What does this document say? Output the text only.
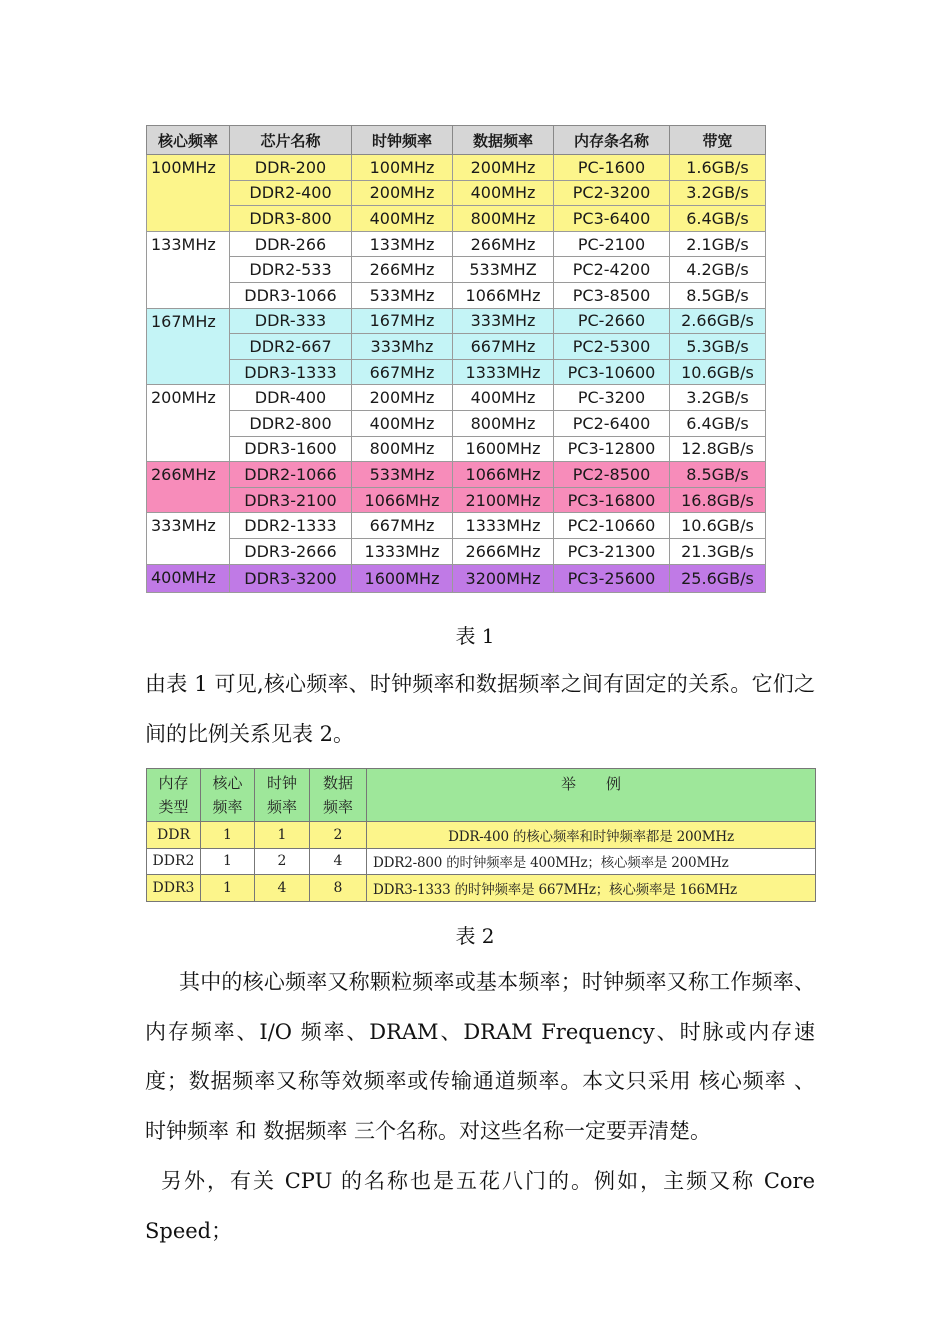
核心频率	芯片名称	时钟频率	数据频率	内存条名称	带宽
100MHz	DDR-200	100MHz	200MHz	PC-1600	1.6GB/s
	DDR2-400	200MHz	400MHz	PC2-3200	3.2GB/s
	DDR3-800	400MHz	800MHz	PC3-6400	6.4GB/s
133MHz	DDR-266	133MHz	266MHz	PC-2100	2.1GB/s
	DDR2-533	266MHz	533MHZ	PC2-4200	4.2GB/s
	DDR3-1066	533MHz	1066MHz	PC3-8500	8.5GB/s
167MHz	DDR-333	167MHz	333MHz	PC-2660	2.66GB/s
	DDR2-667	333Mhz	667MHz	PC2-5300	5.3GB/s
	DDR3-1333	667MHz	1333MHz	PC3-10600	10.6GB/s
200MHz	DDR-400	200MHz	400MHz	PC-3200	3.2GB/s
	DDR2-800	400MHz	800MHz	PC2-6400	6.4GB/s
	DDR3-1600	800MHz	1600MHz	PC3-12800	12.8GB/s
266MHz	DDR2-1066	533MHz	1066MHz	PC2-8500	8.5GB/s
	DDR3-2100	1066MHz	2100MHz	PC3-16800	16.8GB/s
333MHz	DDR2-1333	667MHz	1333MHz	PC2-10660	10.6GB/s
	DDR3-2666	1333MHz	2666MHz	PC3-21300	21.3GB/s
400MHz	DDR3-3200	1600MHz	3200MHz	PC3-25600	25.6GB/s
表 1

由表 1 可见,核心频率、时钟频率和数据频率之间有固定的关系。它们之间的比例关系见表 2。

内存类型	核心频率	时钟频率	数据频率	举　　例
DDR	1	1	2	DDR-400 的核心频率和时钟频率都是 200MHz
DDR2	1	2	4	DDR2-800 的时钟频率是 400MHz；核心频率是 200MHz
DDR3	1	4	8	DDR3-1333 的时钟频率是 667MHz；核心频率是 166MHz
表 2

其中的核心频率又称颗粒频率或基本频率；时钟频率又称工作频率、内存频率、I/O 频率、DRAM、DRAM Frequency、时脉或内存速度；数据频率又称等效频率或传输通道频率。本文只采用 核心频率 、 时钟频率 和 数据频率 三个名称。对这些名称一定要弄清楚。

另外，有关 CPU 的名称也是五花八门的。例如，主频又称 Core Speed；
